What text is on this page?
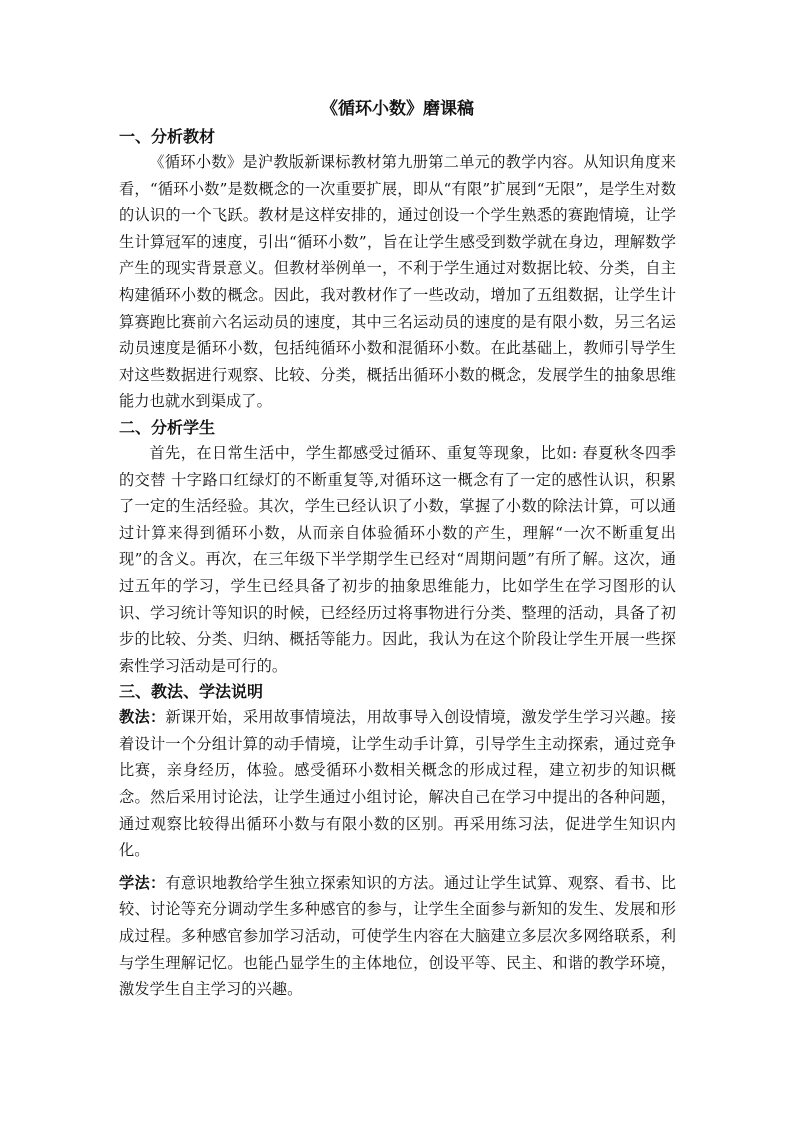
《循环小数》磨课稿
一、分析教材

《循环小数》是沪教版新课标教材第九册第二单元的教学内容。从知识角度来看，“循环小数”是数概念的一次重要扩展，即从“有限”扩展到“无限”，是学生对数的认识的一个飞跃。教材是这样安排的，通过创设一个学生熟悉的赛跑情境，让学生计算冠军的速度，引出“循环小数”，旨在让学生感受到数学就在身边，理解数学产生的现实背景意义。但教材举例单一，不利于学生通过对数据比较、分类，自主构建循环小数的概念。因此，我对教材作了一些改动，增加了五组数据，让学生计算赛跑比赛前六名运动员的速度，其中三名运动员的速度的是有限小数，另三名运动员速度是循环小数，包括纯循环小数和混循环小数。在此基础上，教师引导学生对这些数据进行观察、比较、分类，概括出循环小数的概念，发展学生的抽象思维能力也就水到渠成了。

二、分析学生

首先，在日常生活中，学生都感受过循环、重复等现象，比如: 春夏秋冬四季的交替 十字路口红绿灯的不断重复等,对循环这一概念有了一定的感性认识，积累了一定的生活经验。其次，学生已经认识了小数，掌握了小数的除法计算，可以通过计算来得到循环小数，从而亲自体验循环小数的产生，理解“一次不断重复出现”的含义。再次，在三年级下半学期学生已经对“周期问题”有所了解。这次，通过五年的学习，学生已经具备了初步的抽象思维能力，比如学生在学习图形的认识、学习统计等知识的时候，已经经历过将事物进行分类、整理的活动，具备了初步的比较、分类、归纳、概括等能力。因此，我认为在这个阶段让学生开展一些探索性学习活动是可行的。

三、教法、学法说明

教法：新课开始，采用故事情境法，用故事导入创设情境，激发学生学习兴趣。接着设计一个分组计算的动手情境，让学生动手计算，引导学生主动探索，通过竞争比赛，亲身经历，体验。感受循环小数相关概念的形成过程，建立初步的知识概念。然后采用讨论法，让学生通过小组讨论，解决自己在学习中提出的各种问题，通过观察比较得出循环小数与有限小数的区别。再采用练习法，促进学生知识内化。

学法：有意识地教给学生独立探索知识的方法。通过让学生试算、观察、看书、比较、讨论等充分调动学生多种感官的参与，让学生全面参与新知的发生、发展和形成过程。多种感官参加学习活动，可使学生内容在大脑建立多层次多网络联系，利与学生理解记忆。也能凸显学生的主体地位，创设平等、民主、和谐的教学环境，激发学生自主学习的兴趣。
